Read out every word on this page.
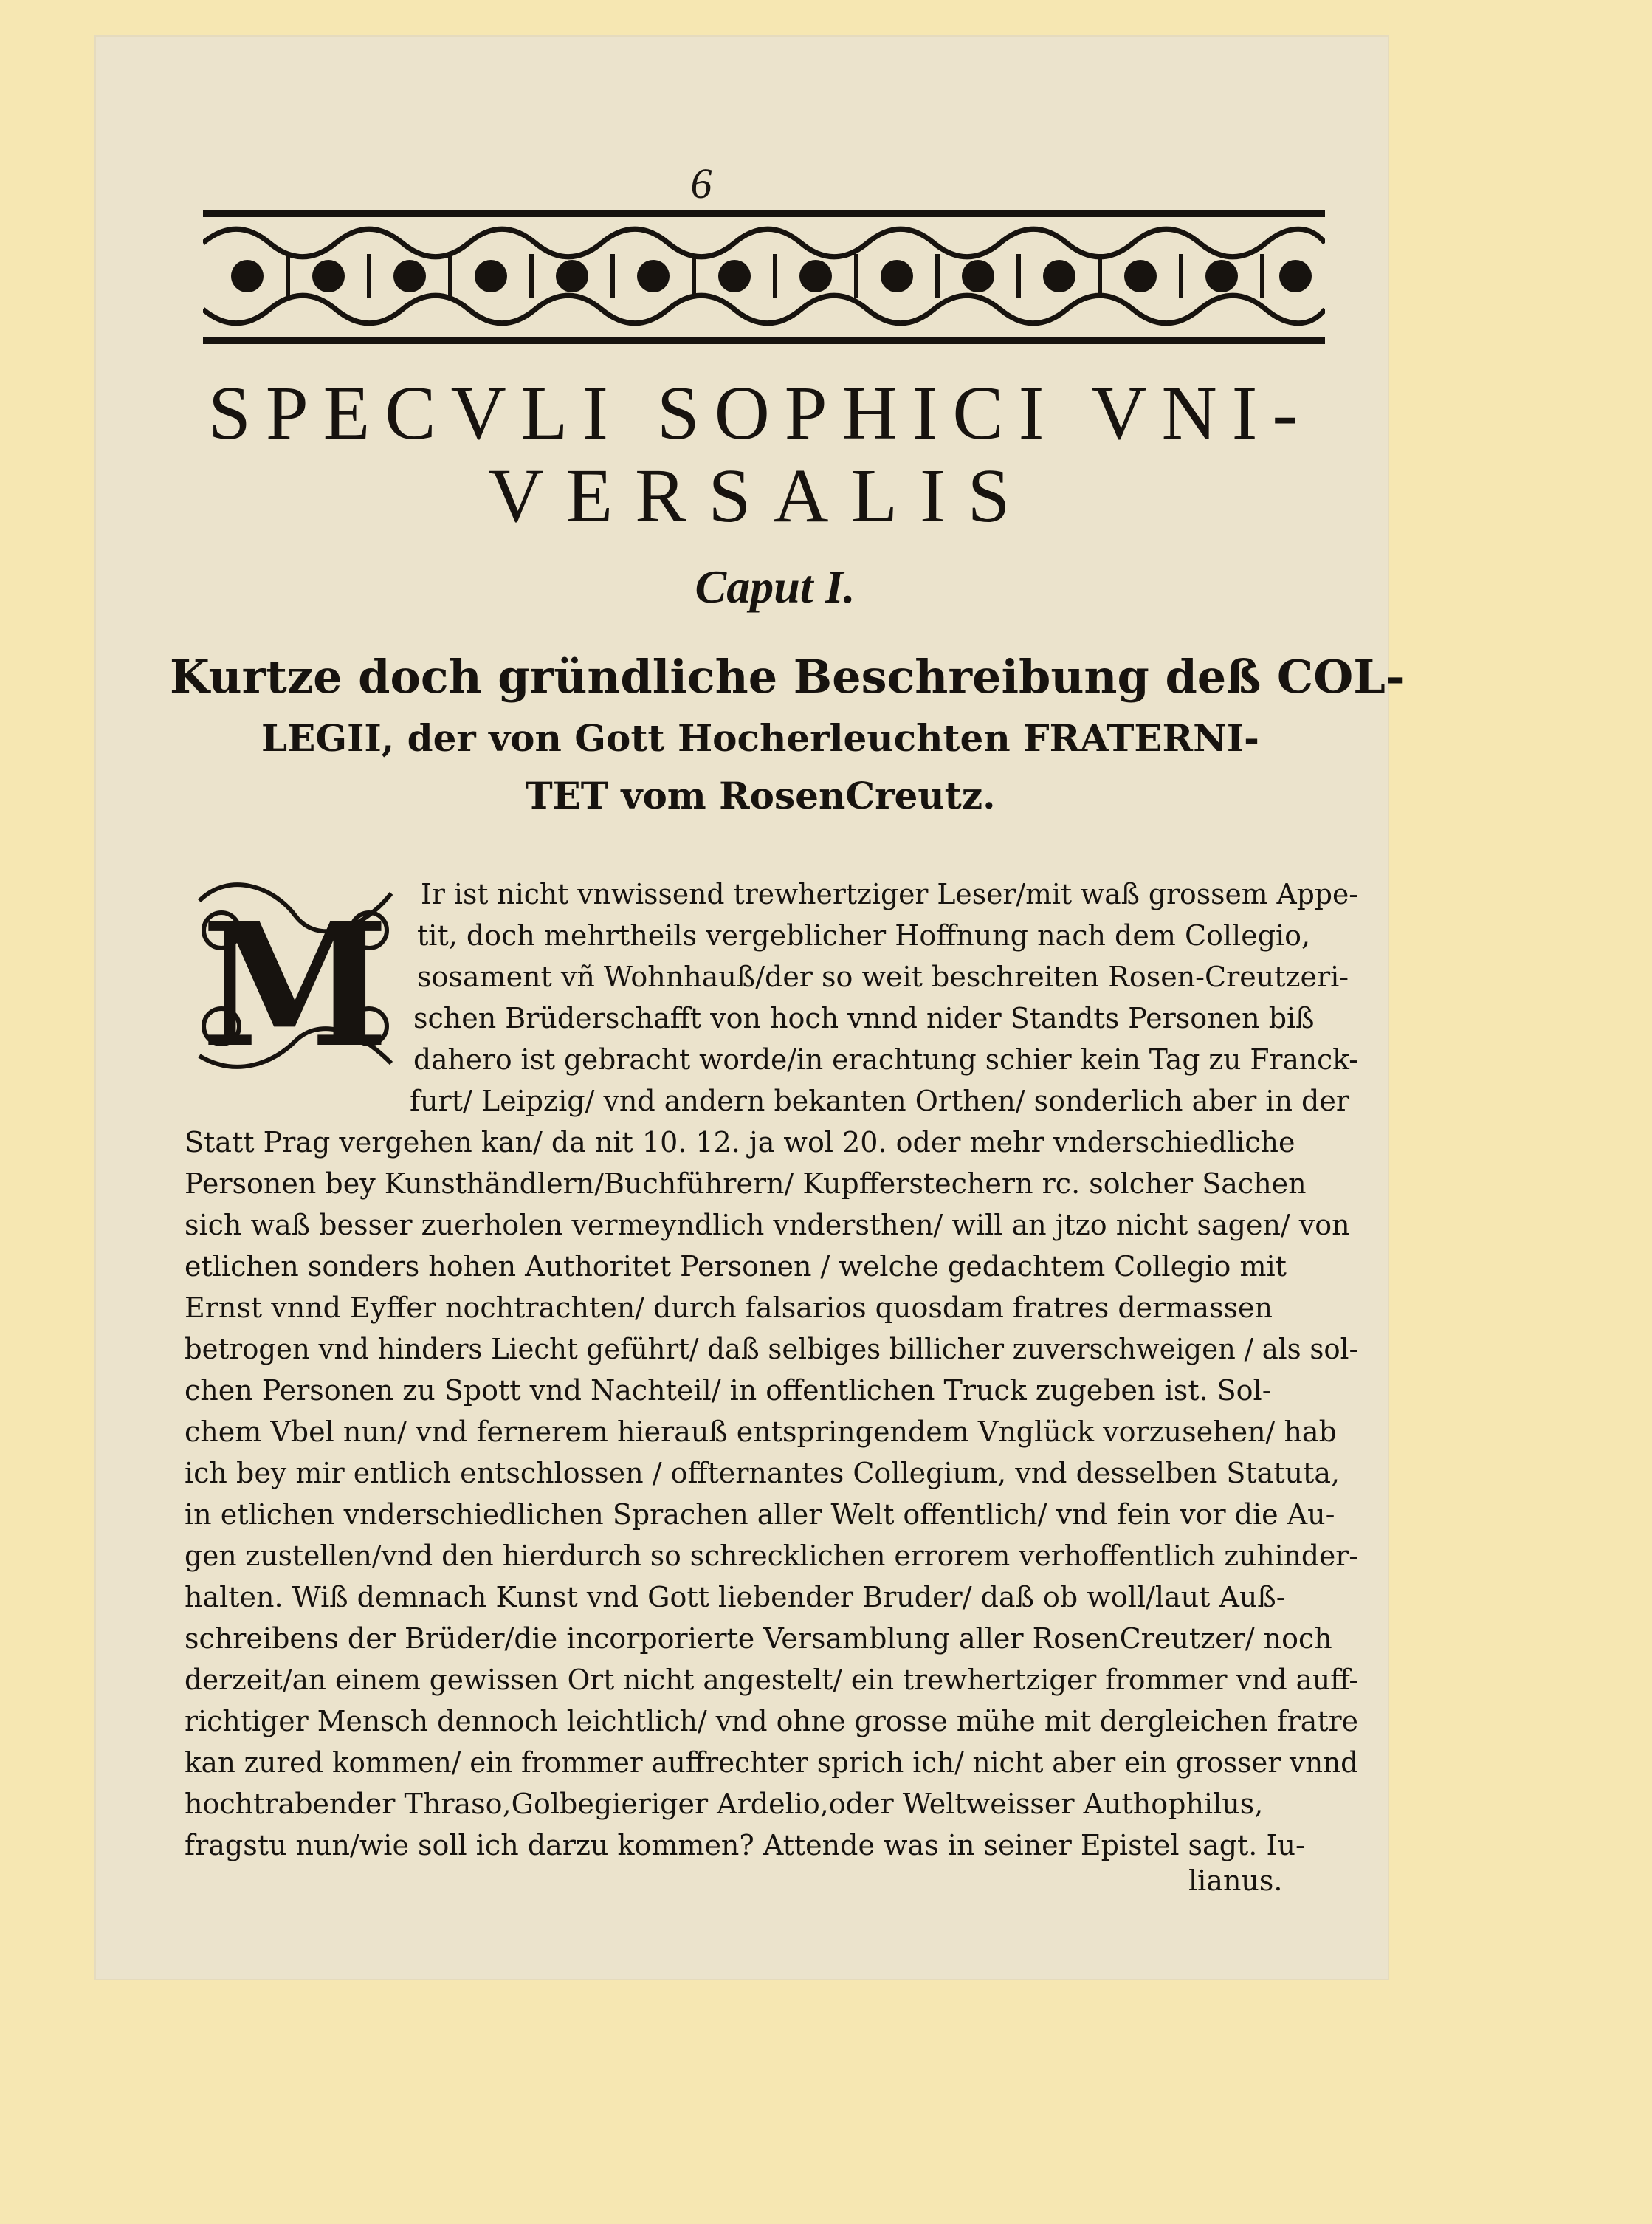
6
SPECVLI SOPHICI VNI-
VERSALIS
Caput I.
Kurtze doch gründliche Beschreibung deß COL-
LEGII, der von Gott Hocherleuchten FRATERNI-
TET vom RosenCreutz.
M Ir ist nicht vnwissend trewhertziger Leser/mit waß grossem Appe-
tit, doch mehrtheils vergeblicher Hoffnung nach dem Collegio,
sosament vñ Wohnhauß/der so weit beschreiten Rosen-Creutzeri-
schen Brüderschafft von hoch vnnd nider Standts Personen biß
dahero ist gebracht worde/in erachtung schier kein Tag zu Franck-
furt/ Leipzig/ vnd andern bekanten Orthen/ sonderlich aber in der
Statt Prag vergehen kan/ da nit 10. 12. ja wol 20. oder mehr vnderschiedliche
Personen bey Kunsthändlern/Buchführern/ Kupfferstechern rc. solcher Sachen
sich waß besser zuerholen vermeyndlich vndersthen/ will an jtzo nicht sagen/ von
etlichen sonders hohen Authoritet Personen / welche gedachtem Collegio mit
Ernst vnnd Eyffer nochtrachten/ durch falsarios quosdam fratres dermassen
betrogen vnd hinders Liecht geführt/ daß selbiges billicher zuverschweigen / als sol-
chen Personen zu Spott vnd Nachteil/ in offentlichen Truck zugeben ist. Sol-
chem Vbel nun/ vnd fernerem hierauß entspringendem Vnglück vorzusehen/ hab
ich bey mir entlich entschlossen / offternantes Collegium, vnd desselben Statuta,
in etlichen vnderschiedlichen Sprachen aller Welt offentlich/ vnd fein vor die Au-
gen zustellen/vnd den hierdurch so schrecklichen errorem verhoffentlich zuhinder-
halten. Wiß demnach Kunst vnd Gott liebender Bruder/ daß ob woll/laut Auß-
schreibens der Brüder/die incorporierte Versamblung aller RosenCreutzer/ noch
derzeit/an einem gewissen Ort nicht angestelt/ ein trewhertziger frommer vnd auff-
richtiger Mensch dennoch leichtlich/ vnd ohne grosse mühe mit dergleichen fratre
kan zured kommen/ ein frommer auffrechter sprich ich/ nicht aber ein grosser vnnd
hochtrabender Thraso,Golbegieriger Ardelio,oder Weltweisser Authophilus,
fragstu nun/wie soll ich darzu kommen? Attende was in seiner Epistel sagt. Iu-
lianus.
